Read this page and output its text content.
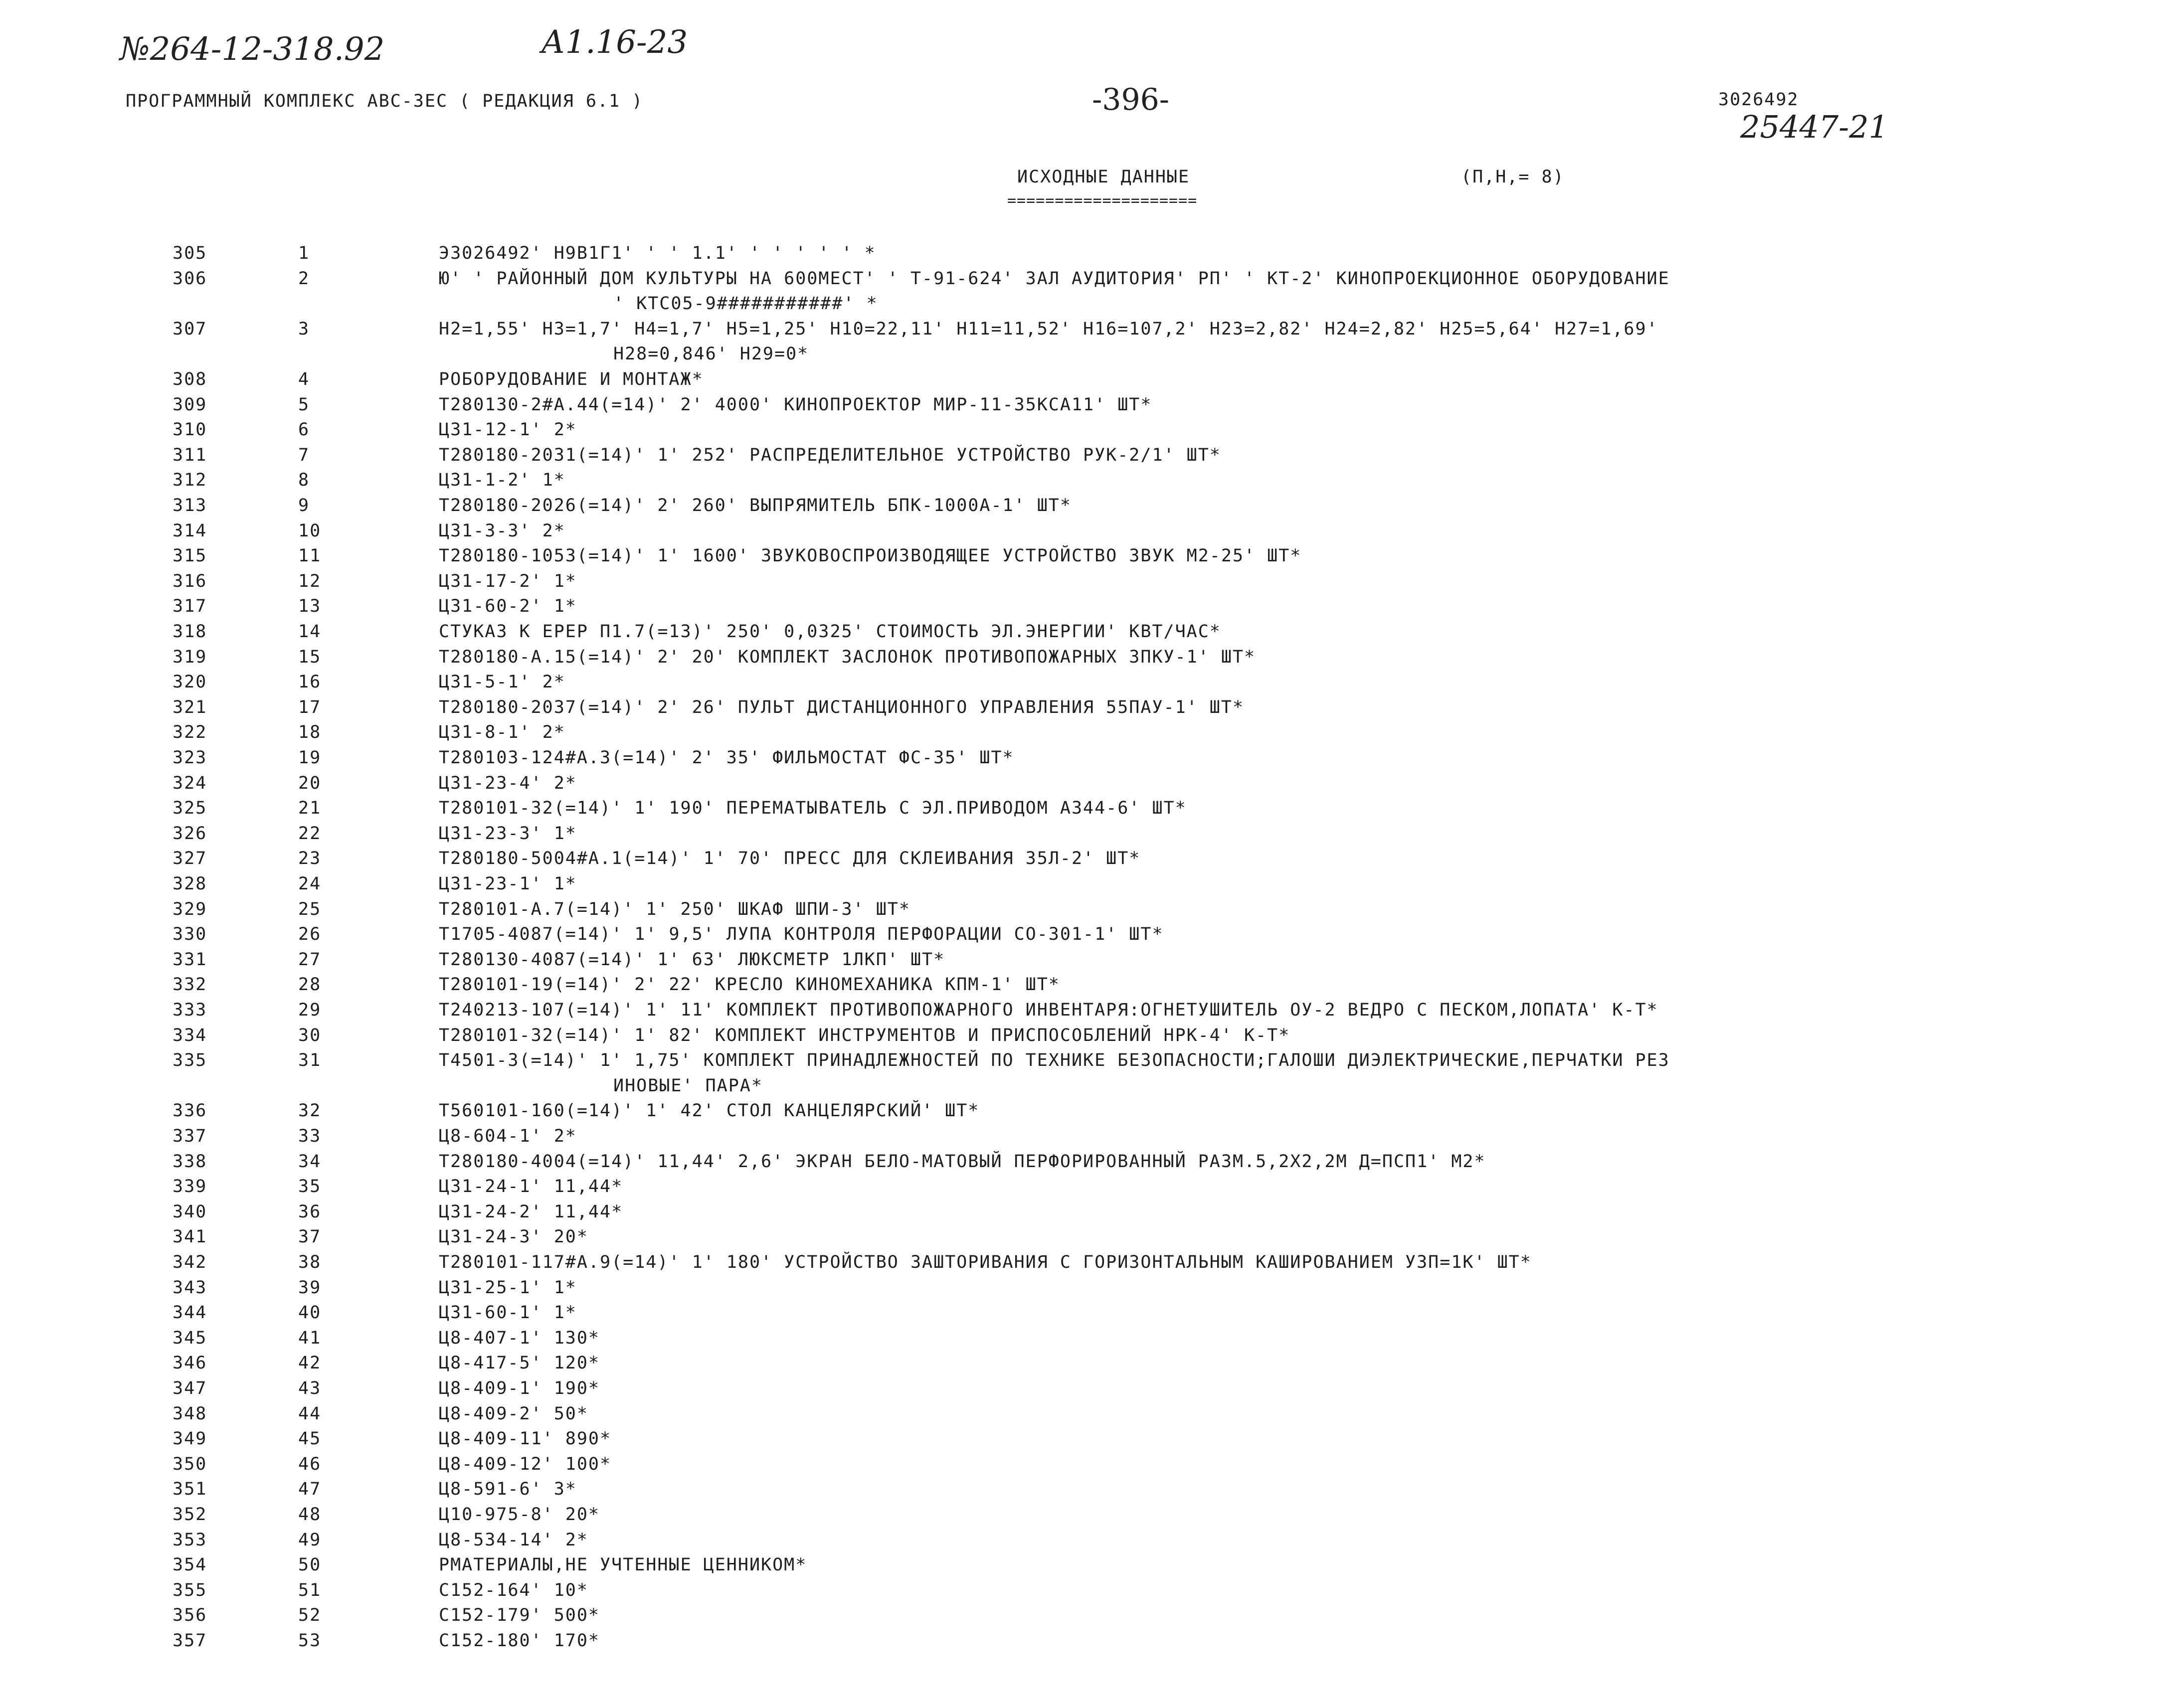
№264-12-318.92	А1.16-23
-396-
25447-21
ПРОГРАММНЫЙ КОМПЛЕКС АВС-ЗЕС ( РЕДАКЦИЯ 6.1 )	3026492
ИСХОДНЫЕ ДАННЫЕ	(П,Н,= 8)
====================
305	1	Э3026492' Н9В1Г1' ' ' 1.1' ' ' ' ' ' *
306	2	Ю' ' РАЙОННЫЙ ДОМ КУЛЬТУРЫ НА 600МЕСТ' ' Т-91-624' ЗАЛ АУДИТОРИЯ' РП' ' КТ-2' КИНОПРОЕКЦИОННОЕ ОБОРУДОВАНИЕ
' КТС05-9###########' *
307	3	Н2=1,55' Н3=1,7' Н4=1,7' Н5=1,25' Н10=22,11' Н11=11,52' Н16=107,2' Н23=2,82' Н24=2,82' Н25=5,64' Н27=1,69'
Н28=0,846' Н29=0*
308	4	РОБОРУДОВАНИЕ И МОНТАЖ*
309	5	Т280130-2#А.44(=14)' 2' 4000' КИНОПРОЕКТОР МИР-11-35КСА11' ШТ*
310	6	Ц31-12-1' 2*
311	7	Т280180-2031(=14)' 1' 252' РАСПРЕДЕЛИТЕЛЬНОЕ УСТРОЙСТВО РУК-2/1' ШТ*
312	8	Ц31-1-2' 1*
313	9	Т280180-2026(=14)' 2' 260' ВЫПРЯМИТЕЛЬ БПК-1000А-1' ШТ*
314	10	Ц31-3-3' 2*
315	11	Т280180-1053(=14)' 1' 1600' ЗВУКОВОСПРОИЗВОДЯЩЕЕ УСТРОЙСТВО ЗВУК М2-25' ШТ*
316	12	Ц31-17-2' 1*
317	13	Ц31-60-2' 1*
318	14	СТУКАЗ К ЕРЕР П1.7(=13)' 250' 0,0325' СТОИМОСТЬ ЭЛ.ЭНЕРГИИ' КВТ/ЧАС*
319	15	Т280180-А.15(=14)' 2' 20' КОМПЛЕКТ ЗАСЛОНОК ПРОТИВОПОЖАРНЫХ ЗПКУ-1' ШТ*
320	16	Ц31-5-1' 2*
321	17	Т280180-2037(=14)' 2' 26' ПУЛЬТ ДИСТАНЦИОННОГО УПРАВЛЕНИЯ 55ПАУ-1' ШТ*
322	18	Ц31-8-1' 2*
323	19	Т280103-124#А.3(=14)' 2' 35' ФИЛЬМОСТАТ ФС-35' ШТ*
324	20	Ц31-23-4' 2*
325	21	Т280101-32(=14)' 1' 190' ПЕРЕМАТЫВАТЕЛЬ С ЭЛ.ПРИВОДОМ А344-6' ШТ*
326	22	Ц31-23-3' 1*
327	23	Т280180-5004#А.1(=14)' 1' 70' ПРЕСС ДЛЯ СКЛЕИВАНИЯ 35Л-2' ШТ*
328	24	Ц31-23-1' 1*
329	25	Т280101-А.7(=14)' 1' 250' ШКАФ ШПИ-3' ШТ*
330	26	Т1705-4087(=14)' 1' 9,5' ЛУПА КОНТРОЛЯ ПЕРФОРАЦИИ СО-301-1' ШТ*
331	27	Т280130-4087(=14)' 1' 63' ЛЮКСМЕТР 1ЛКП' ШТ*
332	28	Т280101-19(=14)' 2' 22' КРЕСЛО КИНОМЕХАНИКА КПМ-1' ШТ*
333	29	Т240213-107(=14)' 1' 11' КОМПЛЕКТ ПРОТИВОПОЖАРНОГО ИНВЕНТАРЯ:ОГНЕТУШИТЕЛЬ ОУ-2 ВЕДРО С ПЕСКОМ,ЛОПАТА' К-Т*
334	30	Т280101-32(=14)' 1' 82' КОМПЛЕКТ ИНСТРУМЕНТОВ И ПРИСПОСОБЛЕНИЙ НРК-4' К-Т*
335	31	Т4501-3(=14)' 1' 1,75' КОМПЛЕКТ ПРИНАДЛЕЖНОСТЕЙ ПО ТЕХНИКЕ БЕЗОПАСНОСТИ;ГАЛОШИ ДИЭЛЕКТРИЧЕСКИЕ,ПЕРЧАТКИ РЕЗ
ИНОВЫЕ' ПАРА*
336	32	Т560101-160(=14)' 1' 42' СТОЛ КАНЦЕЛЯРСКИЙ' ШТ*
337	33	Ц8-604-1' 2*
338	34	Т280180-4004(=14)' 11,44' 2,6' ЭКРАН БЕЛО-МАТОВЫЙ ПЕРФОРИРОВАННЫЙ РАЗМ.5,2Х2,2М Д=ПСП1' М2*
339	35	Ц31-24-1' 11,44*
340	36	Ц31-24-2' 11,44*
341	37	Ц31-24-3' 20*
342	38	Т280101-117#А.9(=14)' 1' 180' УСТРОЙСТВО ЗАШТОРИВАНИЯ С ГОРИЗОНТАЛЬНЫМ КАШИРОВАНИЕМ УЗП=1К' ШТ*
343	39	Ц31-25-1' 1*
344	40	Ц31-60-1' 1*
345	41	Ц8-407-1' 130*
346	42	Ц8-417-5' 120*
347	43	Ц8-409-1' 190*
348	44	Ц8-409-2' 50*
349	45	Ц8-409-11' 890*
350	46	Ц8-409-12' 100*
351	47	Ц8-591-6' 3*
352	48	Ц10-975-8' 20*
353	49	Ц8-534-14' 2*
354	50	РМАТЕРИАЛЫ,НЕ УЧТЕННЫЕ ЦЕННИКОМ*
355	51	С152-164' 10*
356	52	С152-179' 500*
357	53	С152-180' 170*
